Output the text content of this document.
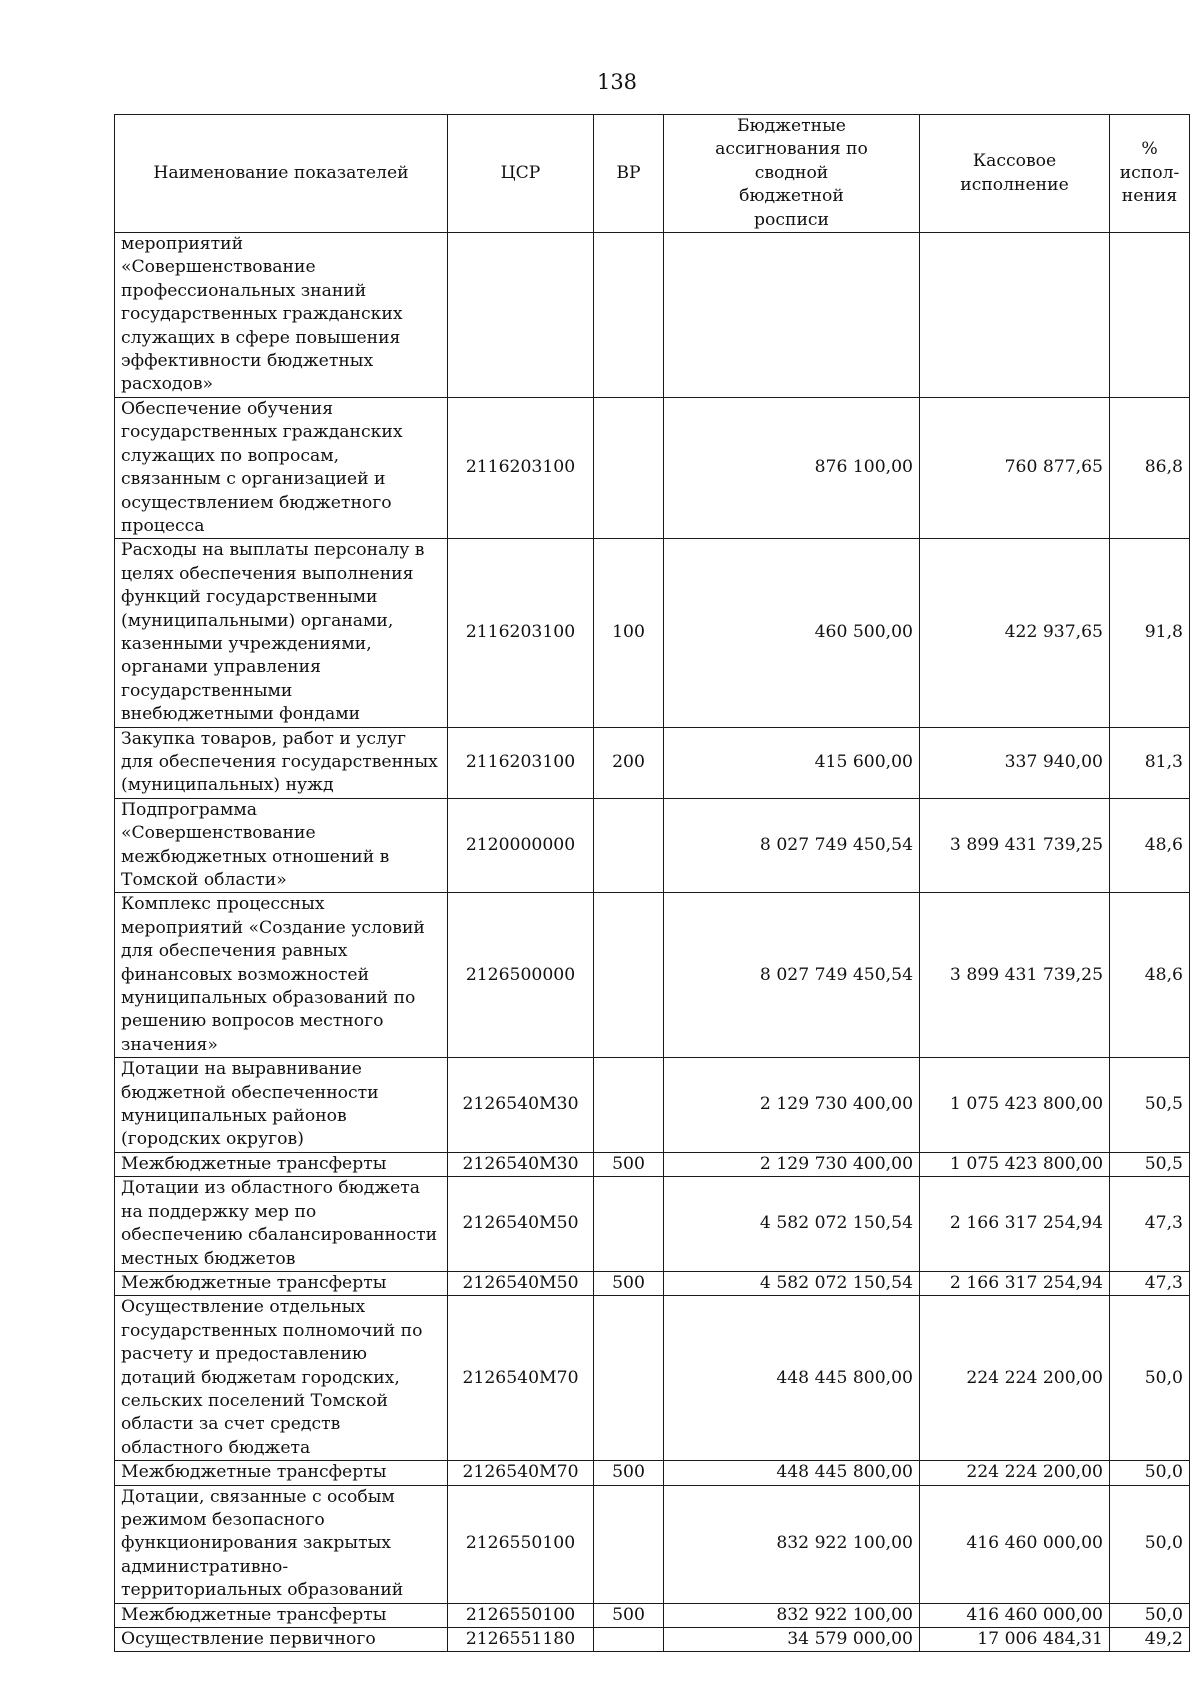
138
Наименование показателей	ЦСР	ВР	Бюджетные ассигнования по сводной бюджетной росписи	Кассовое исполнение	% испол-нения

мероприятий «Совершенствование профессиональных знаний государственных гражданских служащих в сфере повышения эффективности бюджетных расходов»					
Обеспечение обучения государственных гражданских служащих по вопросам, связанным с организацией и осуществлением бюджетного процесса	2116203100		876 100,00	760 877,65	86,8
Расходы на выплаты персоналу в целях обеспечения выполнения функций государственными (муниципальными) органами, казенными учреждениями, органами управления государственными внебюджетными фондами	2116203100	100	460 500,00	422 937,65	91,8
Закупка товаров, работ и услуг для обеспечения государственных (муниципальных) нужд	2116203100	200	415 600,00	337 940,00	81,3
Подпрограмма «Совершенствование межбюджетных отношений в Томской области»	2120000000		8 027 749 450,54	3 899 431 739,25	48,6
Комплекс процессных мероприятий «Создание условий для обеспечения равных финансовых возможностей муниципальных образований по решению вопросов местного значения»	2126500000		8 027 749 450,54	3 899 431 739,25	48,6
Дотации на выравнивание бюджетной обеспеченности муниципальных районов (городских округов)	2126540М30		2 129 730 400,00	1 075 423 800,00	50,5
Межбюджетные трансферты	2126540М30	500	2 129 730 400,00	1 075 423 800,00	50,5
Дотации из областного бюджета на поддержку мер по обеспечению сбалансированности местных бюджетов	2126540М50		4 582 072 150,54	2 166 317 254,94	47,3
Межбюджетные трансферты	2126540М50	500	4 582 072 150,54	2 166 317 254,94	47,3
Осуществление отдельных государственных полномочий по расчету и предоставлению дотаций бюджетам городских, сельских поселений Томской области за счет средств областного бюджета	2126540М70		448 445 800,00	224 224 200,00	50,0
Межбюджетные трансферты	2126540М70	500	448 445 800,00	224 224 200,00	50,0
Дотации, связанные с особым режимом безопасного функционирования закрытых административно-территориальных образований	2126550100		832 922 100,00	416 460 000,00	50,0
Межбюджетные трансферты	2126550100	500	832 922 100,00	416 460 000,00	50,0
Осуществление первичного	2126551180		34 579 000,00	17 006 484,31	49,2
